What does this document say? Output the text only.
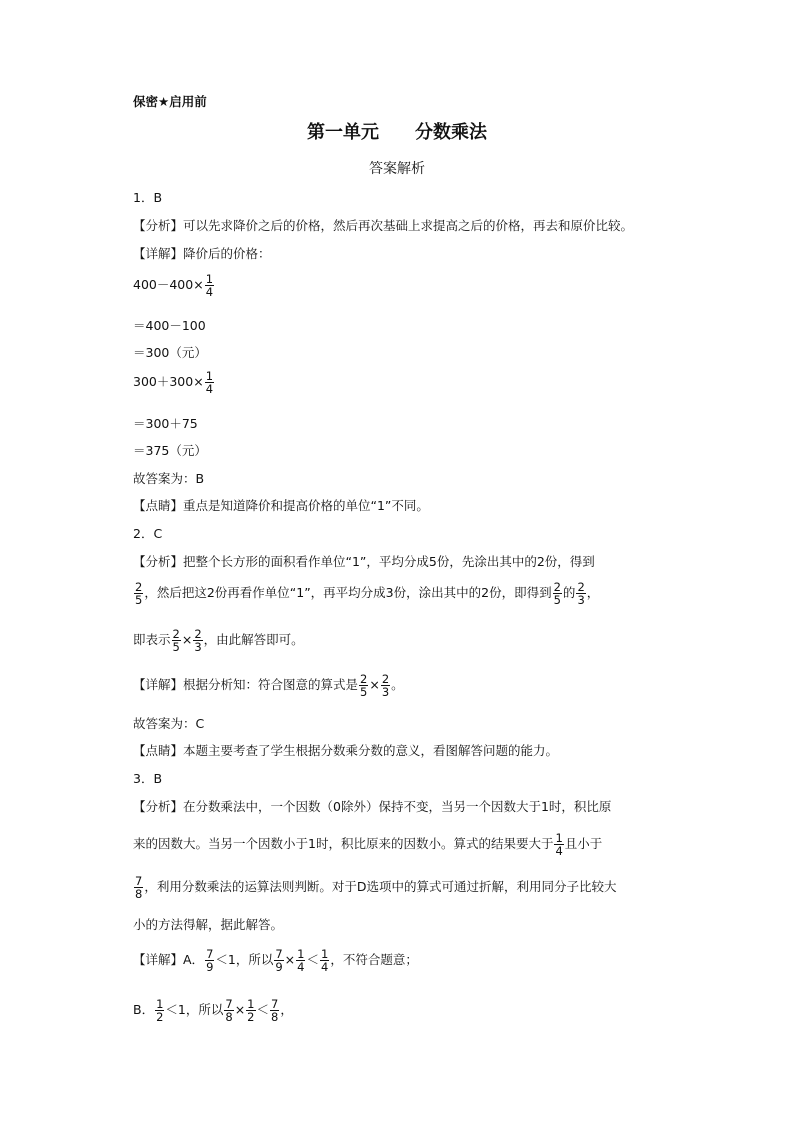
保密★启用前
第一单元　　分数乘法
答案解析
1．B
【分析】可以先求降价之后的价格，然后再次基础上求提高之后的价格，再去和原价比较。
【详解】降价后的价格：
$400-400\times \frac{1}{4}$
＝400－100
＝300（元）
$300+300\times \frac{1}{4}$
＝300＋75
＝375（元）
故答案为：B
【点睛】重点是知道降价和提高价格的单位“1”不同。
2．C
【分析】把整个长方形的面积看作单位“1”，平均分成5份，先涂出其中的2份，得到
$\frac{2}{5}$ ，然后把这2份再看作单位“1”，再平均分成3份，涂出其中的2份，即得到 $\frac{2}{5}$ 的 $\frac{2}{3}$ ，
即表示 $\frac{2}{5} \times \frac{2}{3}$ ，由此解答即可。
【详解】根据分析知：符合图意的算式是 $\frac{2}{5} \times \frac{2}{3}$ 。
故答案为：C
【点睛】本题主要考查了学生根据分数乘分数的意义，看图解答问题的能力。
3．B
【分析】在分数乘法中，一个因数（0除外）保持不变，当另一个因数大于1时，积比原
来的因数大。当另一个因数小于1时，积比原来的因数小。算式的结果要大于 $\frac{1}{4}$ 且小于
$\frac{7}{8}$ ，利用分数乘法的运算法则判断。对于D选项中的算式可通过折解，利用同分子比较大
小的方法得解，据此解答。
【详解】A． $\frac{7}{9} <1$，所以 $\frac{7}{9} \times \frac{1}{4} < \frac{1}{4}$ ，不符合题意；
B． $\frac{1}{2} <1$，所以 $\frac{7}{8} \times \frac{1}{2} < \frac{7}{8}$ ，
